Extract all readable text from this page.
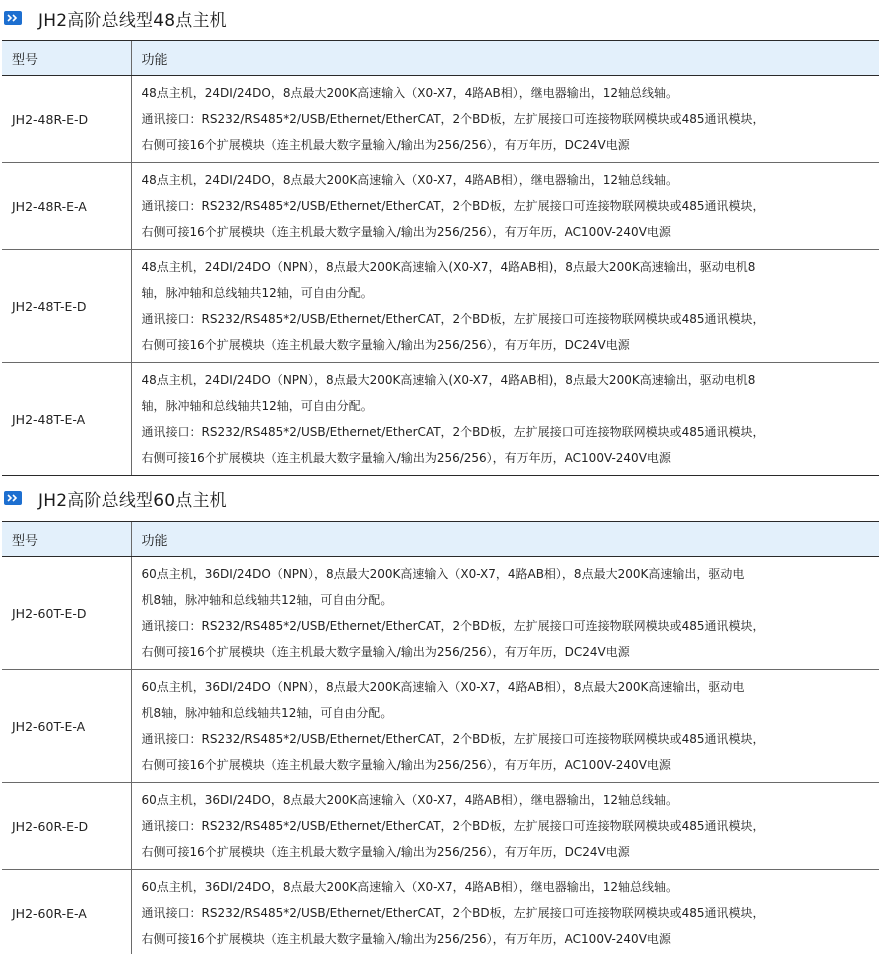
JH2高阶总线型48点主机
型号	功能
JH2-48R-E-D	48点主机，24DI/24DO，8点最大200K高速输入（X0-X7，4路AB相），继电器输出，12轴总线轴。
通讯接口：RS232/RS485*2/USB/Ethernet/EtherCAT，2个BD板，左扩展接口可连接物联网模块或485通讯模块，
右侧可接16个扩展模块（连主机最大数字量输入/输出为256/256），有万年历，DC24V电源

JH2-48R-E-A	48点主机，24DI/24DO，8点最大200K高速输入（X0-X7，4路AB相），继电器输出，12轴总线轴。
通讯接口：RS232/RS485*2/USB/Ethernet/EtherCAT，2个BD板，左扩展接口可连接物联网模块或485通讯模块，
右侧可接16个扩展模块（连主机最大数字量输入/输出为256/256），有万年历，AC100V-240V电源

JH2-48T-E-D	48点主机，24DI/24DO（NPN），8点最大200K高速输入(X0-X7，4路AB相)，8点最大200K高速输出，驱动电机8
轴，脉冲轴和总线轴共12轴，可自由分配。
通讯接口：RS232/RS485*2/USB/Ethernet/EtherCAT，2个BD板，左扩展接口可连接物联网模块或485通讯模块，
右侧可接16个扩展模块（连主机最大数字量输入/输出为256/256），有万年历，DC24V电源

JH2-48T-E-A	48点主机，24DI/24DO（NPN），8点最大200K高速输入(X0-X7，4路AB相)，8点最大200K高速输出，驱动电机8
轴，脉冲轴和总线轴共12轴，可自由分配。
通讯接口：RS232/RS485*2/USB/Ethernet/EtherCAT，2个BD板，左扩展接口可连接物联网模块或485通讯模块，
右侧可接16个扩展模块（连主机最大数字量输入/输出为256/256），有万年历，AC100V-240V电源
JH2高阶总线型60点主机
型号	功能
JH2-60T-E-D	60点主机，36DI/24DO（NPN），8点最大200K高速输入（X0-X7，4路AB相），8点最大200K高速输出，驱动电
机8轴，脉冲轴和总线轴共12轴，可自由分配。
通讯接口：RS232/RS485*2/USB/Ethernet/EtherCAT，2个BD板，左扩展接口可连接物联网模块或485通讯模块，
右侧可接16个扩展模块（连主机最大数字量输入/输出为256/256），有万年历，DC24V电源

JH2-60T-E-A	60点主机，36DI/24DO（NPN），8点最大200K高速输入（X0-X7，4路AB相），8点最大200K高速输出，驱动电
机8轴，脉冲轴和总线轴共12轴，可自由分配。
通讯接口：RS232/RS485*2/USB/Ethernet/EtherCAT，2个BD板，左扩展接口可连接物联网模块或485通讯模块，
右侧可接16个扩展模块（连主机最大数字量输入/输出为256/256），有万年历，AC100V-240V电源

JH2-60R-E-D	60点主机，36DI/24DO，8点最大200K高速输入（X0-X7，4路AB相），继电器输出，12轴总线轴。
通讯接口：RS232/RS485*2/USB/Ethernet/EtherCAT，2个BD板，左扩展接口可连接物联网模块或485通讯模块，
右侧可接16个扩展模块（连主机最大数字量输入/输出为256/256），有万年历，DC24V电源

JH2-60R-E-A	60点主机，36DI/24DO，8点最大200K高速输入（X0-X7，4路AB相），继电器输出，12轴总线轴。
通讯接口：RS232/RS485*2/USB/Ethernet/EtherCAT，2个BD板，左扩展接口可连接物联网模块或485通讯模块，
右侧可接16个扩展模块（连主机最大数字量输入/输出为256/256），有万年历，AC100V-240V电源
